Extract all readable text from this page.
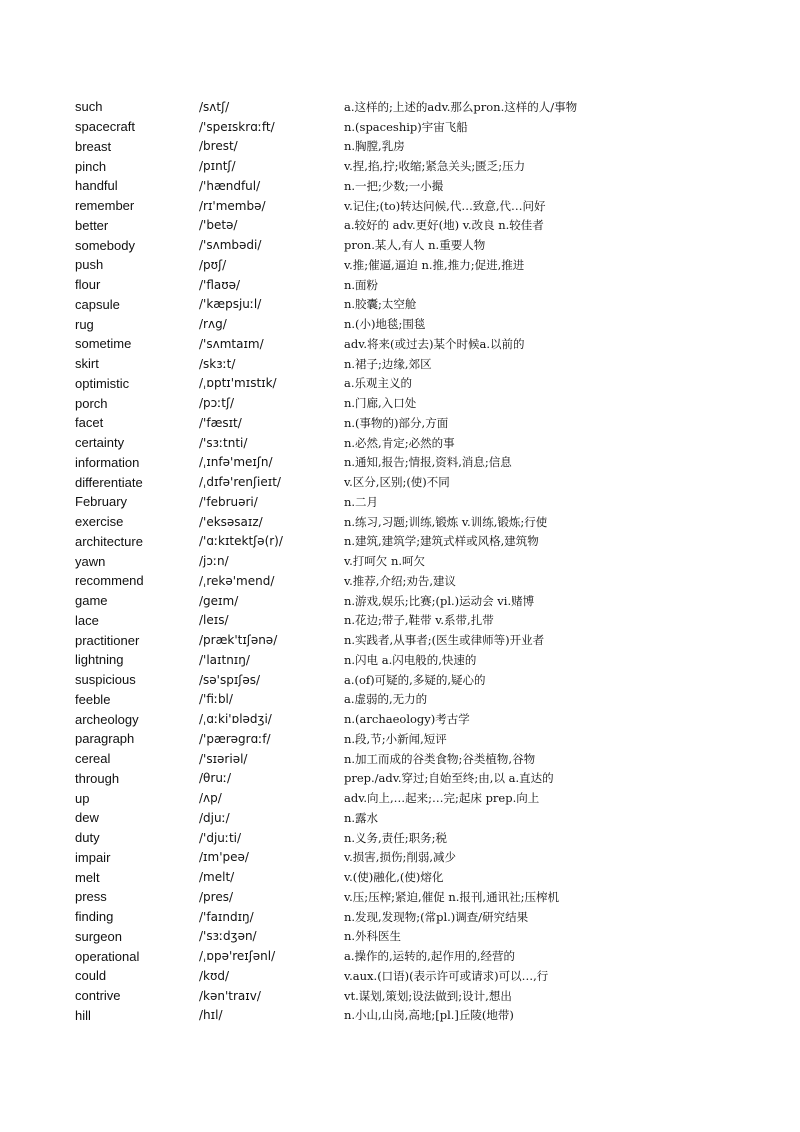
such	/sʌtʃ/	a.这样的;上述的adv.那么pron.这样的人/事物
spacecraft	/'speɪskrɑːft/	n.(spaceship)宇宙飞船
breast	/brest/	n.胸膛,乳房
pinch	/pɪntʃ/	v.捏,掐,拧;收缩;紧急关头;匮乏;压力
handful	/'hændful/	n.一把;少数;一小撮
remember	/rɪ'membə/	v.记住;(to)转达问候,代…致意,代…问好
better	/'betə/	a.较好的 adv.更好(地) v.改良 n.较佳者
somebody	/'sʌmbədi/	pron.某人,有人 n.重要人物
push	/pʊʃ/	v.推;催逼,逼迫 n.推,推力;促进,推进
flour	/'flaʊə/	n.面粉
capsule	/'kæpsjuːl/	n.胶囊;太空舱
rug	/rʌg/	n.(小)地毯;围毯
sometime	/'sʌmtaɪm/	adv.将来(或过去)某个时候a.以前的
skirt	/skɜːt/	n.裙子;边缘,郊区
optimistic	/ˌɒptɪ'mɪstɪk/	a.乐观主义的
porch	/pɔːtʃ/	n.门廊,入口处
facet	/'fæsɪt/	n.(事物的)部分,方面
certainty	/'sɜːtnti/	n.必然,肯定;必然的事
information	/ˌɪnfə'meɪʃn/	n.通知,报告;情报,资料,消息;信息
differentiate	/ˌdɪfə'renʃieɪt/	v.区分,区别;(使)不同
February	/'februəri/	n.二月
exercise	/'eksəsaɪz/	n.练习,习题;训练,锻炼 v.训练,锻炼;行使
architecture	/'ɑːkɪtektʃə(r)/	n.建筑,建筑学;建筑式样或风格,建筑物
yawn	/jɔːn/	v.打呵欠 n.呵欠
recommend	/ˌrekə'mend/	v.推荐,介绍;劝告,建议
game	/geɪm/	n.游戏,娱乐;比赛;(pl.)运动会 vi.赌博
lace	/leɪs/	n.花边;带子,鞋带 v.系带,扎带
practitioner	/præk'tɪʃənə/	n.实践者,从事者;(医生或律师等)开业者
lightning	/'laɪtnɪŋ/	n.闪电 a.闪电般的,快速的
suspicious	/sə'spɪʃəs/	a.(of)可疑的,多疑的,疑心的
feeble	/'fiːbl/	a.虚弱的,无力的
archeology	/ˌɑːki'ɒlədʒi/	n.(archaeology)考古学
paragraph	/'pærəgrɑːf/	n.段,节;小新闻,短评
cereal	/'sɪəriəl/	n.加工而成的谷类食物;谷类植物,谷物
through	/θruː/	prep./adv.穿过;自始至终;由,以 a.直达的
up	/ʌp/	adv.向上,…起来;…完;起床 prep.向上
dew	/djuː/	n.露水
duty	/'djuːti/	n.义务,责任;职务;税
impair	/ɪm'peə/	v.损害,损伤;削弱,减少
melt	/melt/	v.(使)融化,(使)熔化
press	/pres/	v.压;压榨;紧迫,催促 n.报刊,通讯社;压榨机
finding	/'faɪndɪŋ/	n.发现,发现物;(常pl.)调查/研究结果
surgeon	/'sɜːdʒən/	n.外科医生
operational	/ˌɒpə'reɪʃənl/	a.操作的,运转的,起作用的,经营的
could	/kʊd/	v.aux.(口语)(表示许可或请求)可以…,行
contrive	/kən'traɪv/	vt.谋划,策划;设法做到;设计,想出
hill	/hɪl/	n.小山,山岗,高地;[pl.]丘陵(地带)
